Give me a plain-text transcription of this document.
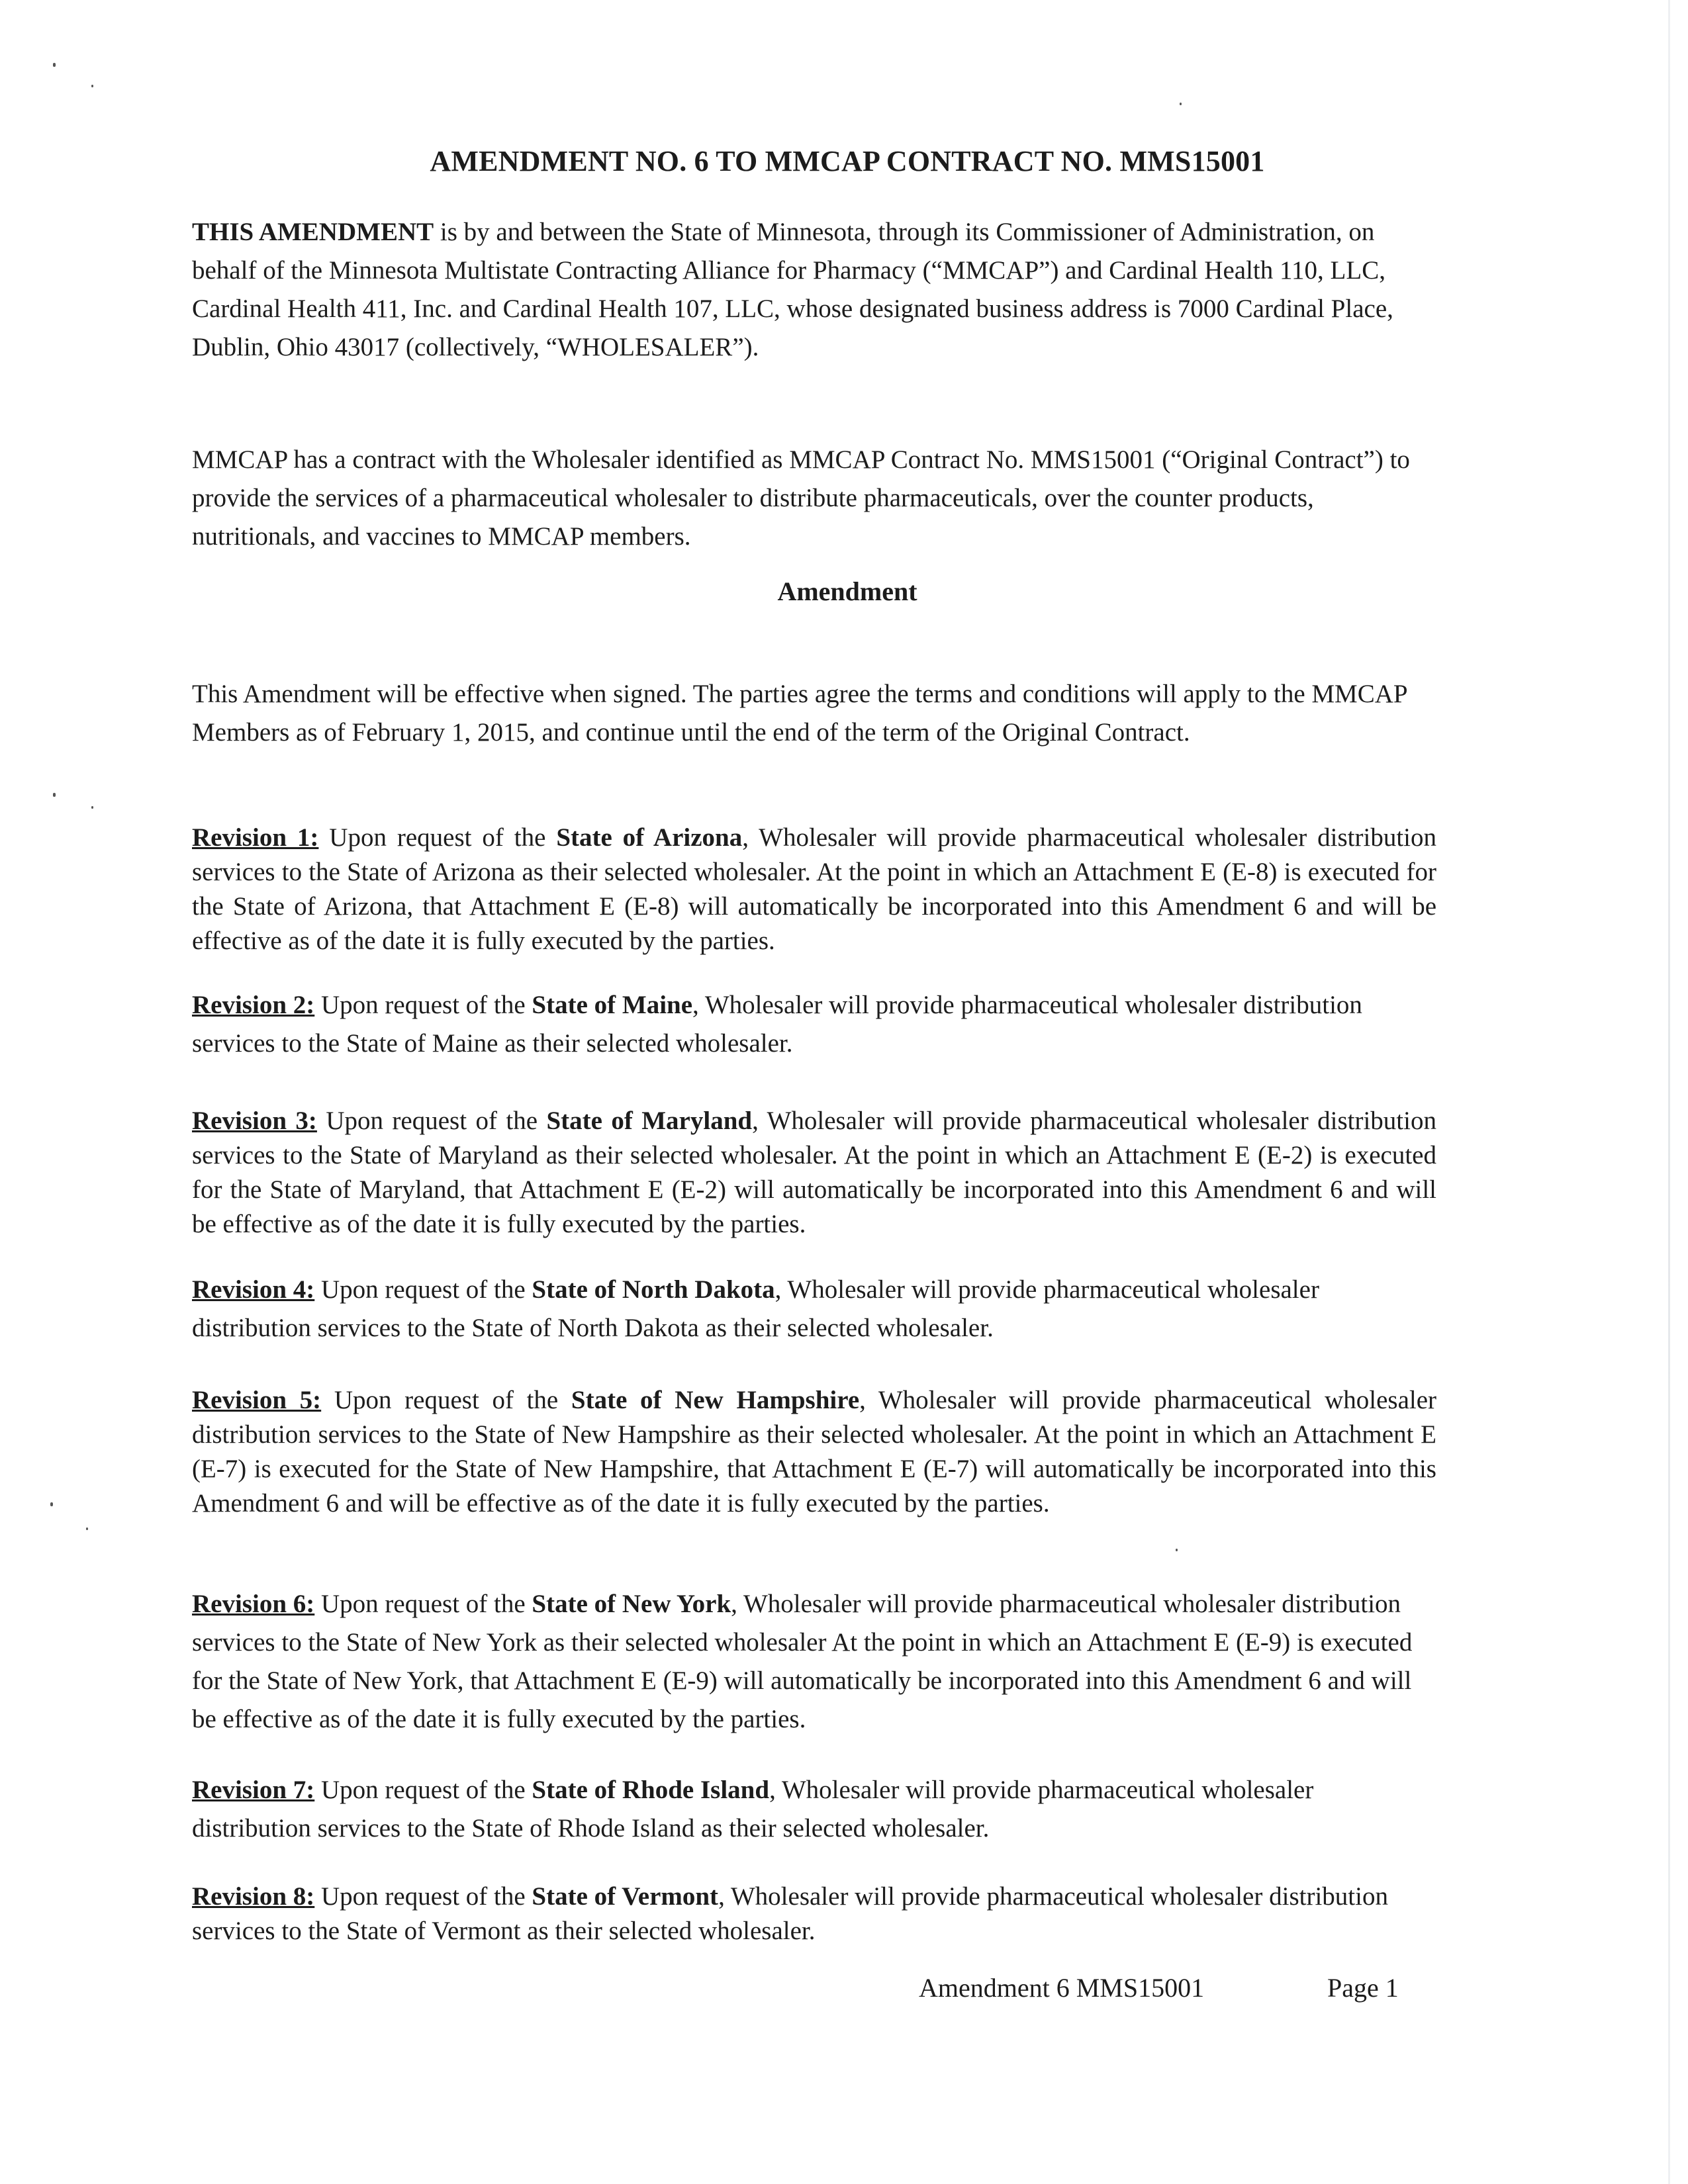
AMENDMENT NO. 6 TO MMCAP CONTRACT NO. MMS15001
THIS AMENDMENT is by and between the State of Minnesota, through its Commissioner of Administration, on behalf of the Minnesota Multistate Contracting Alliance for Pharmacy (“MMCAP”) and Cardinal Health 110, LLC, Cardinal Health 411, Inc. and Cardinal Health 107, LLC, whose designated business address is 7000 Cardinal Place, Dublin, Ohio 43017 (collectively, “WHOLESALER”).
MMCAP has a contract with the Wholesaler identified as MMCAP Contract No. MMS15001 (“Original Contract”) to provide the services of a pharmaceutical wholesaler to distribute pharmaceuticals, over the counter products, nutritionals, and vaccines to MMCAP members.
Amendment
This Amendment will be effective when signed. The parties agree the terms and conditions will apply to the MMCAP Members as of February 1, 2015, and continue until the end of the term of the Original Contract.
Revision 1: Upon request of the State of Arizona, Wholesaler will provide pharmaceutical wholesaler distribution services to the State of Arizona as their selected wholesaler. At the point in which an Attachment E (E-8) is executed for the State of Arizona, that Attachment E (E-8) will automatically be incorporated into this Amendment 6 and will be effective as of the date it is fully executed by the parties.
Revision 2: Upon request of the State of Maine, Wholesaler will provide pharmaceutical wholesaler distribution services to the State of Maine as their selected wholesaler.
Revision 3: Upon request of the State of Maryland, Wholesaler will provide pharmaceutical wholesaler distribution services to the State of Maryland as their selected wholesaler. At the point in which an Attachment E (E-2) is executed for the State of Maryland, that Attachment E (E-2) will automatically be incorporated into this Amendment 6 and will be effective as of the date it is fully executed by the parties.
Revision 4: Upon request of the State of North Dakota, Wholesaler will provide pharmaceutical wholesaler distribution services to the State of North Dakota as their selected wholesaler.
Revision 5: Upon request of the State of New Hampshire, Wholesaler will provide pharmaceutical wholesaler distribution services to the State of New Hampshire as their selected wholesaler. At the point in which an Attachment E (E-7) is executed for the State of New Hampshire, that Attachment E (E-7) will automatically be incorporated into this Amendment 6 and will be effective as of the date it is fully executed by the parties.
Revision 6: Upon request of the State of New York, Wholesaler will provide pharmaceutical wholesaler distribution services to the State of New York as their selected wholesaler At the point in which an Attachment E (E-9) is executed for the State of New York, that Attachment E (E-9) will automatically be incorporated into this Amendment 6 and will be effective as of the date it is fully executed by the parties.
Revision 7: Upon request of the State of Rhode Island, Wholesaler will provide pharmaceutical wholesaler distribution services to the State of Rhode Island as their selected wholesaler.
Revision 8: Upon request of the State of Vermont, Wholesaler will provide pharmaceutical wholesaler distribution services to the State of Vermont as their selected wholesaler.
Amendment 6 MMS15001	Page 1
